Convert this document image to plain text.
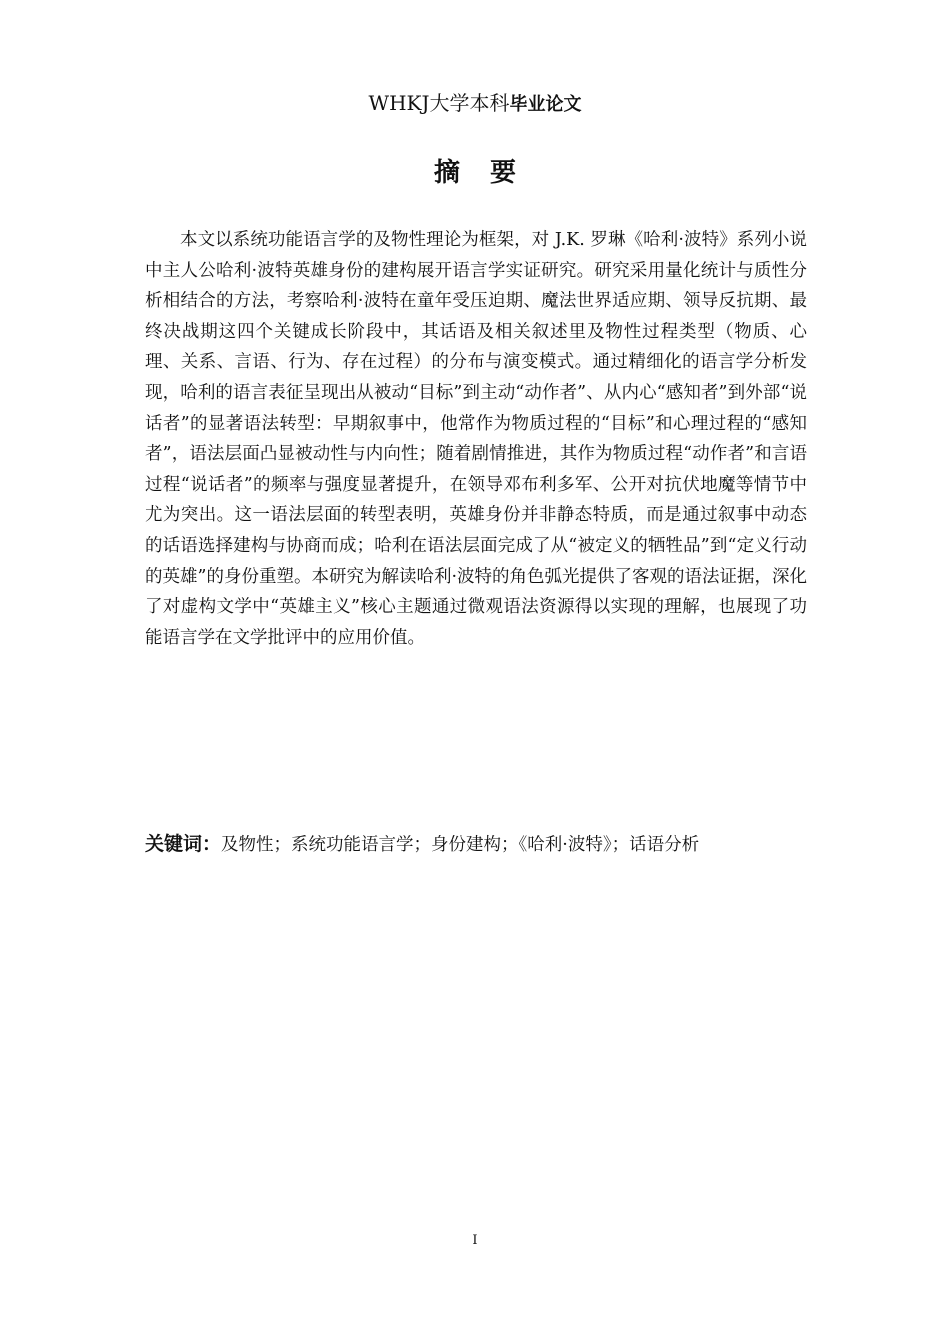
WHKJ大学本科毕业论文
摘要

本文以系统功能语言学的及物性理论为框架，对 J.K. 罗琳《哈利·波特》系列小说中主人公哈利·波特英雄身份的建构展开语言学实证研究。研究采用量化统计与质性分析相结合的方法，考察哈利·波特在童年受压迫期、魔法世界适应期、领导反抗期、最终决战期这四个关键成长阶段中，其话语及相关叙述里及物性过程类型（物质、心理、关系、言语、行为、存在过程）的分布与演变模式。通过精细化的语言学分析发现，哈利的语言表征呈现出从被动“目标”到主动“动作者”、从内心“感知者”到外部“说话者”的显著语法转型：早期叙事中，他常作为物质过程的“目标”和心理过程的“感知者”，语法层面凸显被动性与内向性；随着剧情推进，其作为物质过程“动作者”和言语过程“说话者”的频率与强度显著提升，在领导邓布利多军、公开对抗伏地魔等情节中尤为突出。这一语法层面的转型表明，英雄身份并非静态特质，而是通过叙事中动态的话语选择建构与协商而成；哈利在语法层面完成了从“被定义的牺牲品”到“定义行动的英雄”的身份重塑。本研究为解读哈利·波特的角色弧光提供了客观的语法证据，深化了对虚构文学中“英雄主义”核心主题通过微观语法资源得以实现的理解，也展现了功能语言学在文学批评中的应用价值。

关键词：及物性；系统功能语言学；身份建构；《哈利·波特》；话语分析
I
